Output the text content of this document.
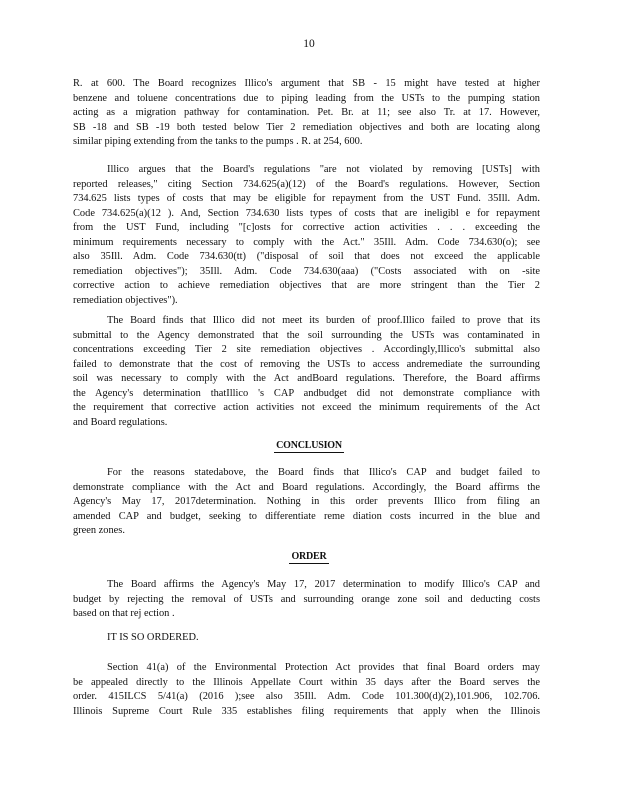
10
R. at 600. The Board recognizes Illico's argument that SB - 15 might have tested at higher
benzene and toluene concentrations due to piping leading from the USTs to the pumping station
acting as a migration pathway for contamination. Pet. Br. at 11; see also Tr. at 17. However,
SB -18 and SB -19 both tested below Tier 2 remediation objectives and both are locating along
similar piping extending from the tanks to the pumps . R. at 254, 600.
Illico argues that the Board's regulations "are not violated by removing [USTs] with
reported releases," citing Section 734.625(a)(12) of the Board's regulations. However, Section
734.625 lists types of costs that may be eligible for repayment from the UST Fund. 35Ill. Adm.
Code 734.625(a)(12 ). And, Section 734.630 lists types of costs that are ineligibl e for repayment
from the UST Fund, including "[c]osts for corrective action activities . . . exceeding the
minimum requirements necessary to comply with the Act." 35Ill. Adm. Code 734.630(o); see
also 35Ill. Adm. Code 734.630(tt) ("disposal of soil that does not exceed the applicable
remediation objectives"); 35Ill. Adm. Code 734.630(aaa) ("Costs associated with on -site
corrective action to achieve remediation objectives that are more stringent than the Tier 2
remediation objectives").
The Board finds that Illico did not meet its burden of proof.Illico failed to prove that its
submittal to the Agency demonstrated that the soil surrounding the USTs was contaminated in
concentrations exceeding Tier 2 site remediation objectives . Accordingly,Illico's submittal also
failed to demonstrate that the cost of removing the USTs to access andremediate the surrounding
soil was necessary to comply with the Act andBoard regulations. Therefore, the Board affirms
the Agency's determination thatIllico 's CAP andbudget did not demonstrate compliance with
the requirement that corrective action activities not exceed the minimum requirements of the Act
and Board regulations.
CONCLUSION
For the reasons statedabove, the Board finds that Illico's CAP and budget failed to
demonstrate compliance with the Act and Board regulations. Accordingly, the Board affirms the
Agency's May 17, 2017determination. Nothing in this order prevents Illico from filing an
amended CAP and budget, seeking to differentiate reme diation costs incurred in the blue and
green zones.
ORDER
The Board affirms the Agency's May 17, 2017 determination to modify Illico's CAP and
budget by rejecting the removal of USTs and surrounding orange zone soil and deducting costs
based on that rej ection .
IT IS SO ORDERED.
Section 41(a) of the Environmental Protection Act provides that final Board orders may
be appealed directly to the Illinois Appellate Court within 35 days after the Board serves the
order. 415ILCS 5/41(a) (2016 );see also 35Ill. Adm. Code 101.300(d)(2),101.906, 102.706.
Illinois Supreme Court Rule 335 establishes filing requirements that apply when the Illinois
